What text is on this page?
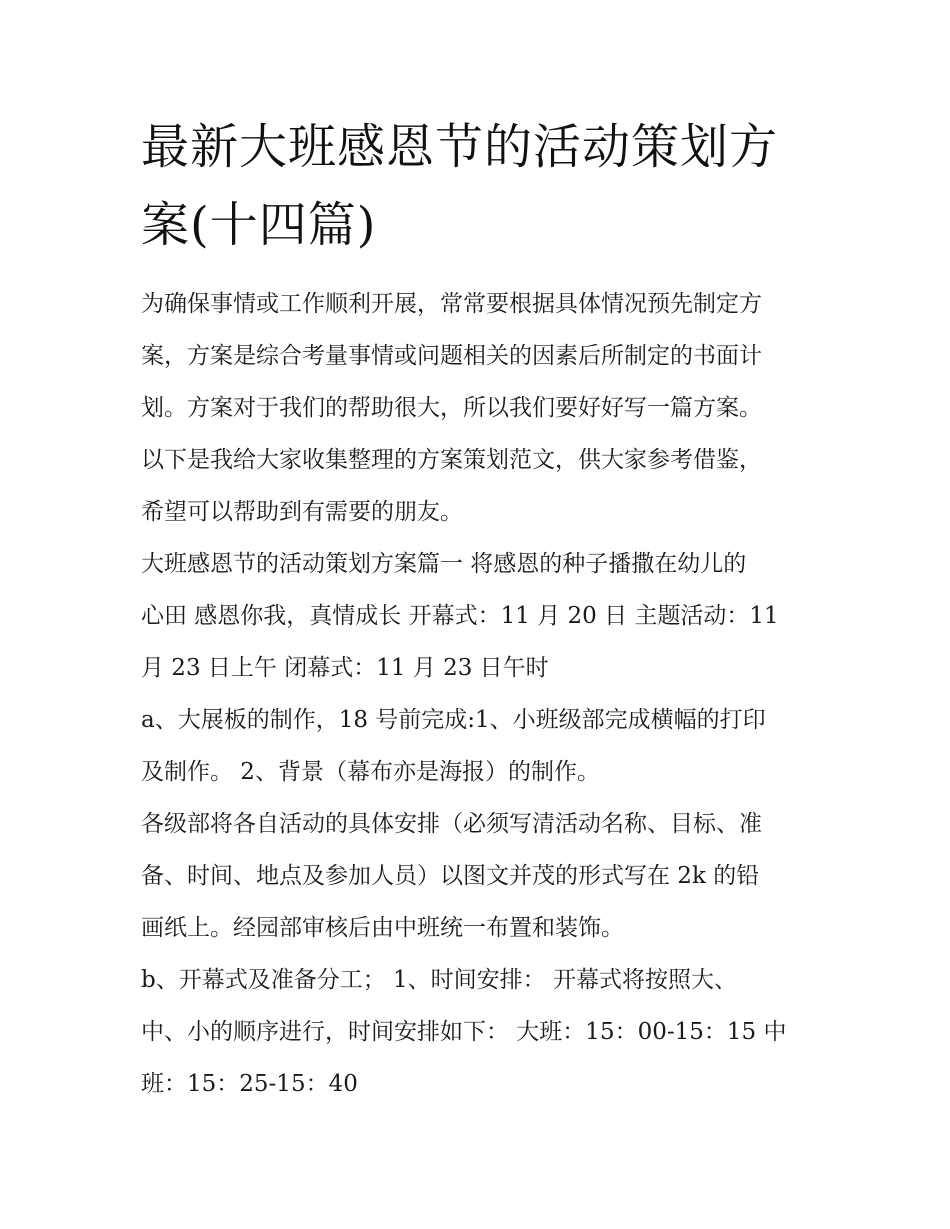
最新大班感恩节的活动策划方
案(十四篇)

为确保事情或工作顺利开展，常常要根据具体情况预先制定方
案，方案是综合考量事情或问题相关的因素后所制定的书面计
划。方案对于我们的帮助很大，所以我们要好好写一篇方案。
以下是我给大家收集整理的方案策划范文，供大家参考借鉴，
希望可以帮助到有需要的朋友。

大班感恩节的活动策划方案篇一 将感恩的种子播撒在幼儿的
心田 感恩你我，真情成长 开幕式：11 月 20 日 主题活动：11
月 23 日上午 闭幕式：11 月 23 日午时

a、大展板的制作，18 号前完成:1、小班级部完成横幅的打印
及制作。 2、背景（幕布亦是海报）的制作。

各级部将各自活动的具体安排（必须写清活动名称、目标、准
备、时间、地点及参加人员）以图文并茂的形式写在 2k 的铅
画纸上。经园部审核后由中班统一布置和装饰。

b、开幕式及准备分工； 1、时间安排： 开幕式将按照大、
中、小的顺序进行，时间安排如下： 大班：15：00-15：15 中
班：15：25-15：40
